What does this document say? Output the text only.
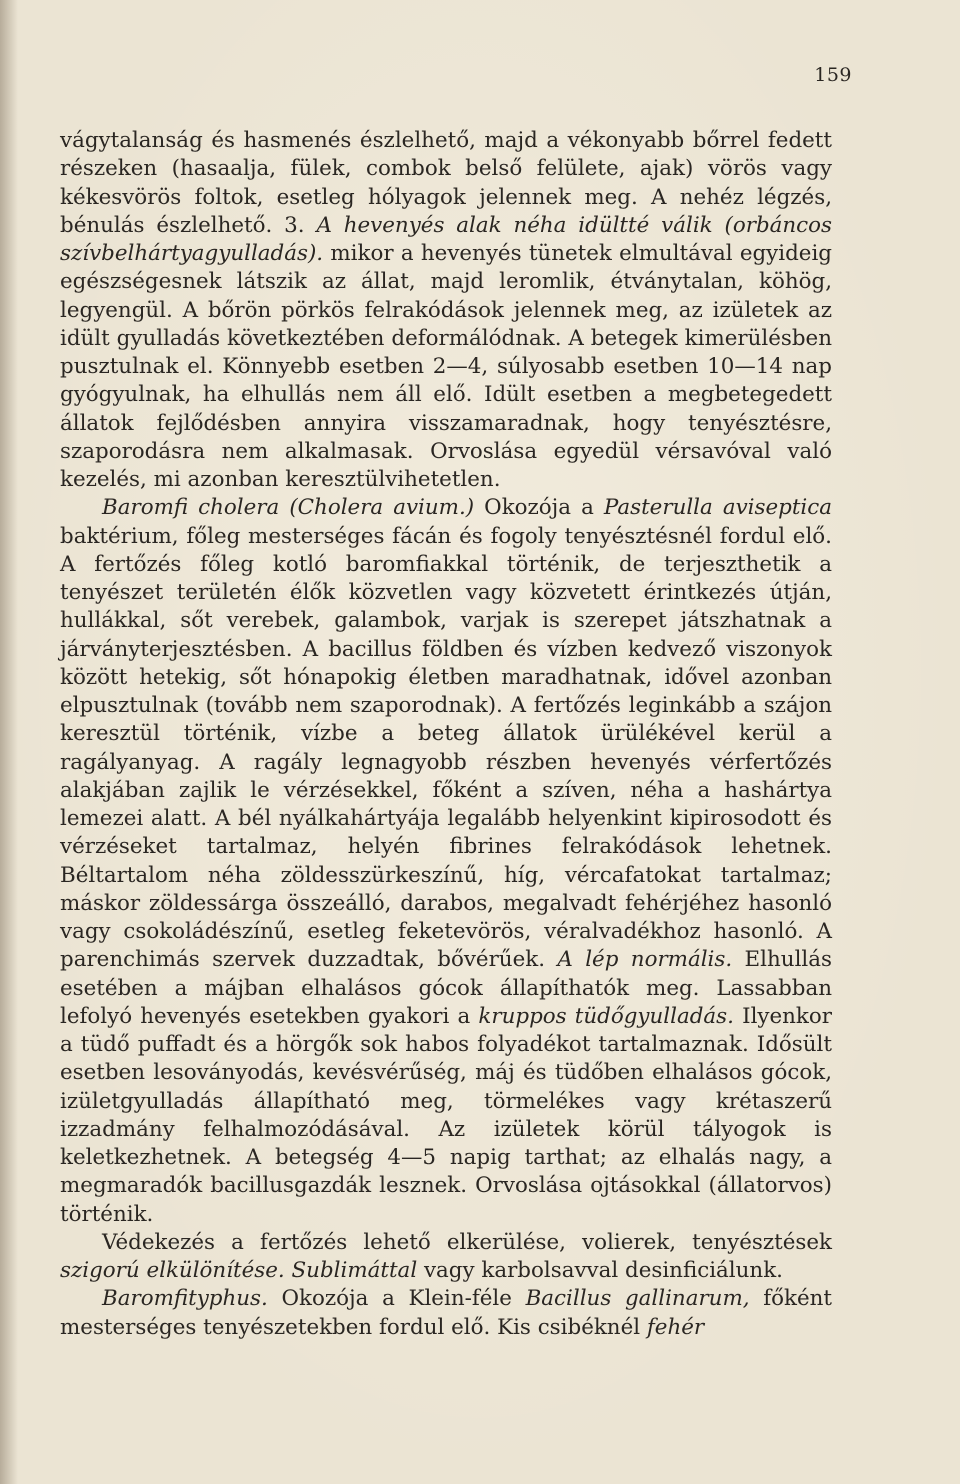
159

vágytalanság és hasmenés észlelhető, majd a vékonyabb bőrrel fedett részeken (hasaalja, fülek, combok belső felülete, ajak) vörös vagy kékesvörös foltok, esetleg hólyagok jelennek meg. A nehéz légzés, bénulás észlelhető. 3. A hevenyés alak néha idültté válik (orbáncos szívbelhártyagyulladás). mikor a hevenyés tünetek elmultával egyideig egészségesnek látszik az állat, majd leromlik, étványtalan, köhög, legyengül. A bőrön pörkös felrakódások jelennek meg, az izületek az idült gyulladás következtében deformálódnak. A betegek kimerülésben pusztulnak el. Könnyebb esetben 2—4, súlyosabb esetben 10—14 nap gyógyulnak, ha elhullás nem áll elő. Idült esetben a megbetegedett állatok fejlődésben annyira visszamaradnak, hogy tenyésztésre, szaporodásra nem alkalmasak. Orvoslása egyedül vérsavóval való kezelés, mi azonban keresztülvihetetlen.

Baromfi cholera (Cholera avium.) Okozója a Pasterulla aviseptica baktérium, főleg mesterséges fácán és fogoly tenyésztésnél fordul elő. A fertőzés főleg kotló baromfiakkal történik, de terjeszthetik a tenyészet területén élők közvetlen vagy közvetett érintkezés útján, hullákkal, sőt verebek, galambok, varjak is szerepet játszhatnak a járványterjesztésben. A bacillus földben és vízben kedvező viszonyok között hetekig, sőt hónapokig életben maradhatnak, idővel azonban elpusztulnak (tovább nem szaporodnak). A fertőzés leginkább a szájon keresztül történik, vízbe a beteg állatok ürülékével kerül a ragályanyag. A ragály legnagyobb részben hevenyés vérfertőzés alakjában zajlik le vérzésekkel, főként a szíven, néha a hashártya lemezei alatt. A bél nyálkahártyája legalább helyenkint kipirosodott és vérzéseket tartalmaz, helyén fibrines felrakódások lehetnek. Béltartalom néha zöldesszürkeszínű, híg, vércafatokat tartalmaz; máskor zöldessárga összeálló, darabos, megalvadt fehérjéhez hasonló vagy csokoládészínű, esetleg feketevörös, véralvadékhoz hasonló. A parenchimás szervek duzzadtak, bővérűek. A lép normális. Elhullás esetében a májban elhalásos gócok állapíthatók meg. Lassabban lefolyó hevenyés esetekben gyakori a kruppos tüdőgyulladás. Ilyenkor a tüdő puffadt és a hörgők sok habos folyadékot tartalmaznak. Idősült esetben lesoványodás, kevésvérűség, máj és tüdőben elhalásos gócok, izületgyulladás állapítható meg, törmelékes vagy krétaszerű izzadmány felhalmozódásával. Az izületek körül tályogok is keletkezhetnek. A betegség 4—5 napig tarthat; az elhalás nagy, a megmaradók bacillusgazdák lesznek. Orvoslása ojtásokkal (állatorvos) történik.

Védekezés a fertőzés lehető elkerülése, volierek, tenyésztések szigorú elkülönítése. Sublimáttal vagy karbolsavval desinficiálunk.

Baromfityphus. Okozója a Klein-féle Bacillus gallinarum, főként mesterséges tenyészetekben fordul elő. Kis csibéknél fehér
